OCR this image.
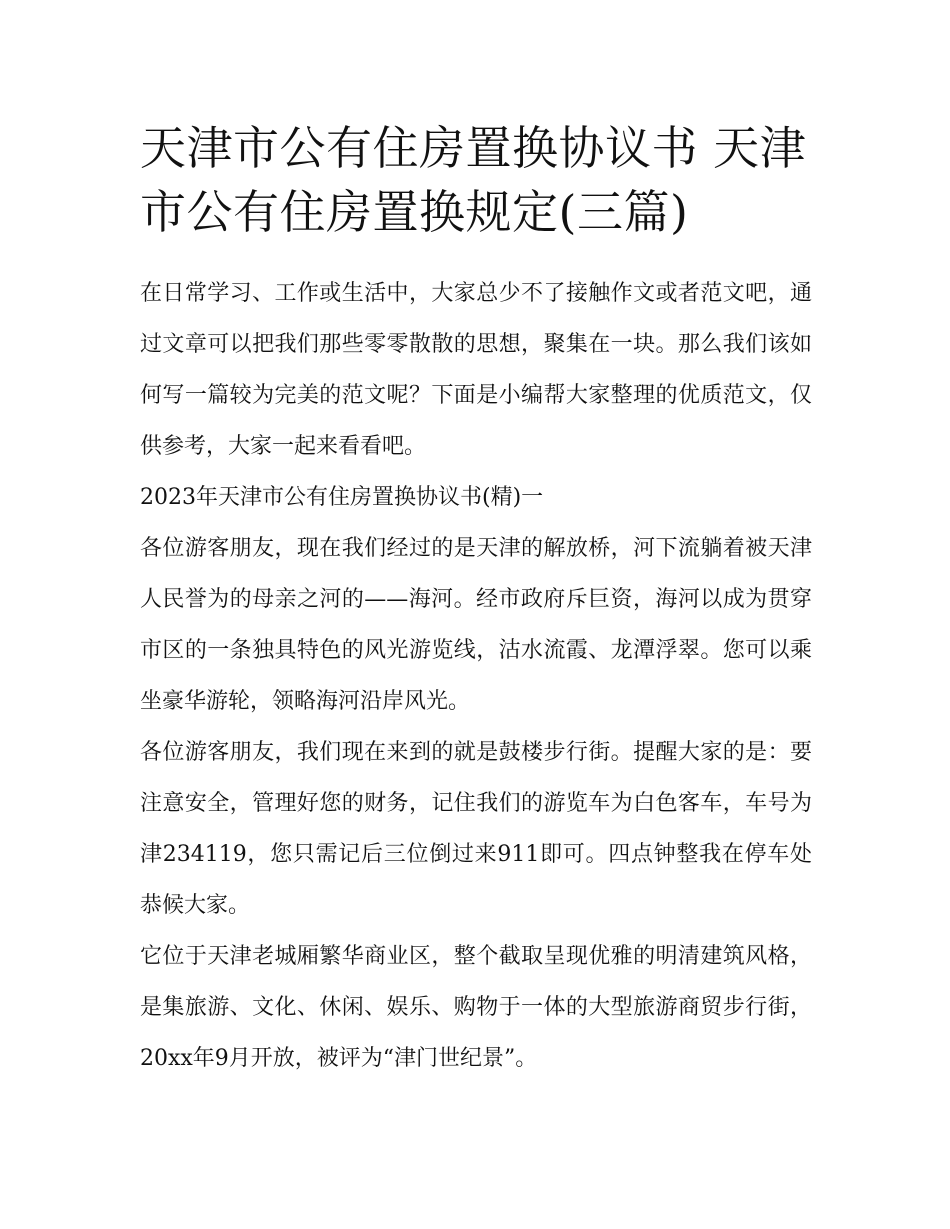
天津市公有住房置换协议书 天津市公有住房置换规定(三篇)

在日常学习、工作或生活中，大家总少不了接触作文或者范文吧，通过文章可以把我们那些零零散散的思想，聚集在一块。那么我们该如何写一篇较为完美的范文呢？下面是小编帮大家整理的优质范文，仅供参考，大家一起来看看吧。

2023年天津市公有住房置换协议书(精)一

各位游客朋友，现在我们经过的是天津的解放桥，河下流躺着被天津人民誉为的母亲之河的——海河。经市政府斥巨资，海河以成为贯穿市区的一条独具特色的风光游览线，沽水流霞、龙潭浮翠。您可以乘坐豪华游轮，领略海河沿岸风光。

各位游客朋友，我们现在来到的就是鼓楼步行街。提醒大家的是：要注意安全，管理好您的财务，记住我们的游览车为白色客车，车号为津234119，您只需记后三位倒过来911即可。四点钟整我在停车处恭候大家。

它位于天津老城厢繁华商业区，整个截取呈现优雅的明清建筑风格，是集旅游、文化、休闲、娱乐、购物于一体的大型旅游商贸步行街，20xx年9月开放，被评为“津门世纪景”。
